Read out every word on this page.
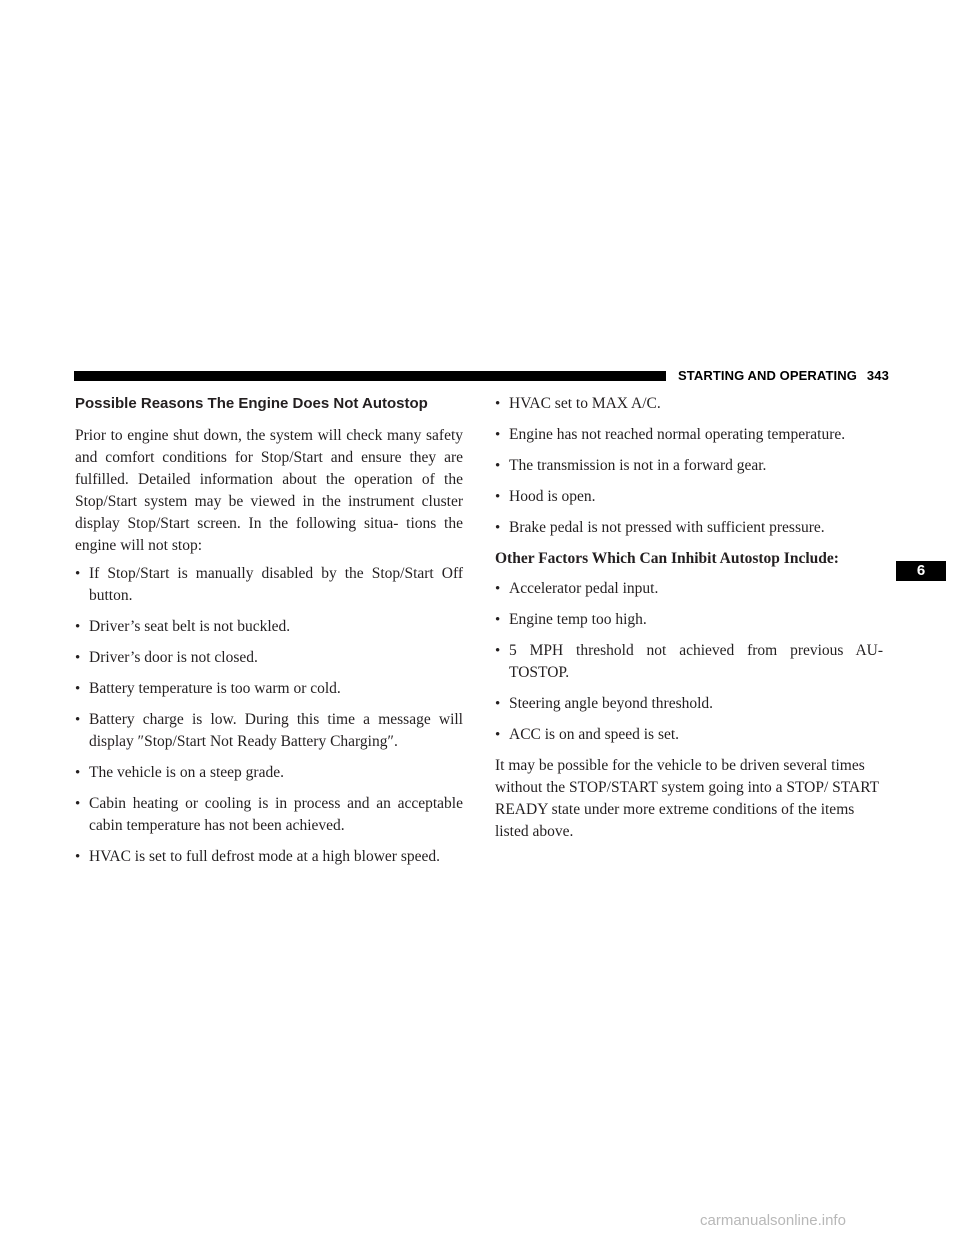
STARTING AND OPERATING 343
Possible Reasons The Engine Does Not Autostop

Prior to engine shut down, the system will check many safety and comfort conditions for Stop/Start and ensure they are fulfilled. Detailed information about the operation of the Stop/Start system may be viewed in the instrument cluster display Stop/Start screen. In the following situa- tions the engine will not stop:

• If Stop/Start is manually disabled by the Stop/Start Off button.
• Driver’s seat belt is not buckled.
• Driver’s door is not closed.
• Battery temperature is too warm or cold.
• Battery charge is low. During this time a message will display ″Stop/Start Not Ready Battery Charging″.
• The vehicle is on a steep grade.
• Cabin heating or cooling is in process and an acceptable cabin temperature has not been achieved.
• HVAC is set to full defrost mode at a high blower speed.
• HVAC set to MAX A/C.
• Engine has not reached normal operating temperature.
• The transmission is not in a forward gear.
• Hood is open.
• Brake pedal is not pressed with sufficient pressure.
Other Factors Which Can Inhibit Autostop Include:
• Accelerator pedal input.
• Engine temp too high.
• 5 MPH threshold not achieved from previous AU- TOSTOP.
• Steering angle beyond threshold.
• ACC is on and speed is set.

It may be possible for the vehicle to be driven several times without the STOP/START system going into a STOP/ START READY state under more extreme conditions of the items listed above.

6
carmanualsonline.info
